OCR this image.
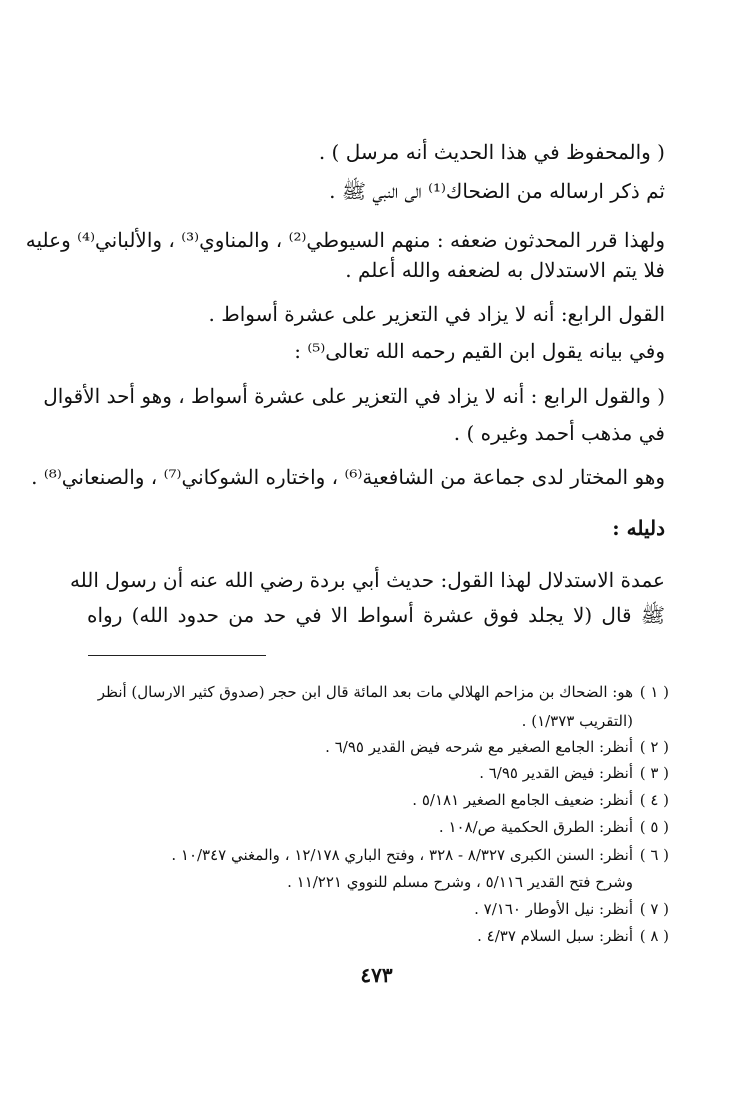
( والمحفوظ في هذا الحديث أنه مرسل ) .
ثم ذكر ارساله من الضحاك⁽¹⁾ الى النبي ﷺ .
ولهذا قرر المحدثون ضعفه : منهم السيوطي⁽²⁾ ، والمناوي⁽³⁾ ، والألباني⁽⁴⁾ وعليه
فلا يتم الاستدلال به لضعفه والله أعلم .
القول الرابع: أنه لا يزاد في التعزير على عشرة أسواط .
وفي بيانه يقول ابن القيم رحمه الله تعالى⁽⁵⁾ :
( والقول الرابع : أنه لا يزاد في التعزير على عشرة أسواط ، وهو أحد الأقوال
في مذهب أحمد وغيره ) .
وهو المختار لدى جماعة من الشافعية⁽⁶⁾ ، واختاره الشوكاني⁽⁷⁾ ، والصنعاني⁽⁸⁾ .
دليله :
عمدة الاستدلال لهذا القول: حديث أبي بردة رضي الله عنه أن رسول الله
ﷺ قال (لا يجلد فوق عشرة أسواط الا في حد من حدود الله) رواه
( ١ )هو: الضحاك بن مزاحم الهلالي مات بعد المائة قال ابن حجر (صدوق كثير الارسال) أنظر
(التقريب ١/٣٧٣) .
( ٢ )أنظر: الجامع الصغير مع شرحه فيض القدير ٦/٩٥ .
( ٣ )أنظر: فيض القدير ٦/٩٥ .
( ٤ )أنظر: ضعيف الجامع الصغير ٥/١٨١ .
( ٥ )أنظر: الطرق الحكمية ص/١٠٨ .
( ٦ )أنظر: السنن الكبرى ٨/٣٢٧ - ٣٢٨ ، وفتح الباري ١٢/١٧٨ ، والمغني ١٠/٣٤٧ .
وشرح فتح القدير ٥/١١٦ ، وشرح مسلم للنووي ١١/٢٢١ .
( ٧ )أنظر: نيل الأوطار ٧/١٦٠ .
( ٨ )أنظر: سبل السلام ٤/٣٧ .
٤٧٣
